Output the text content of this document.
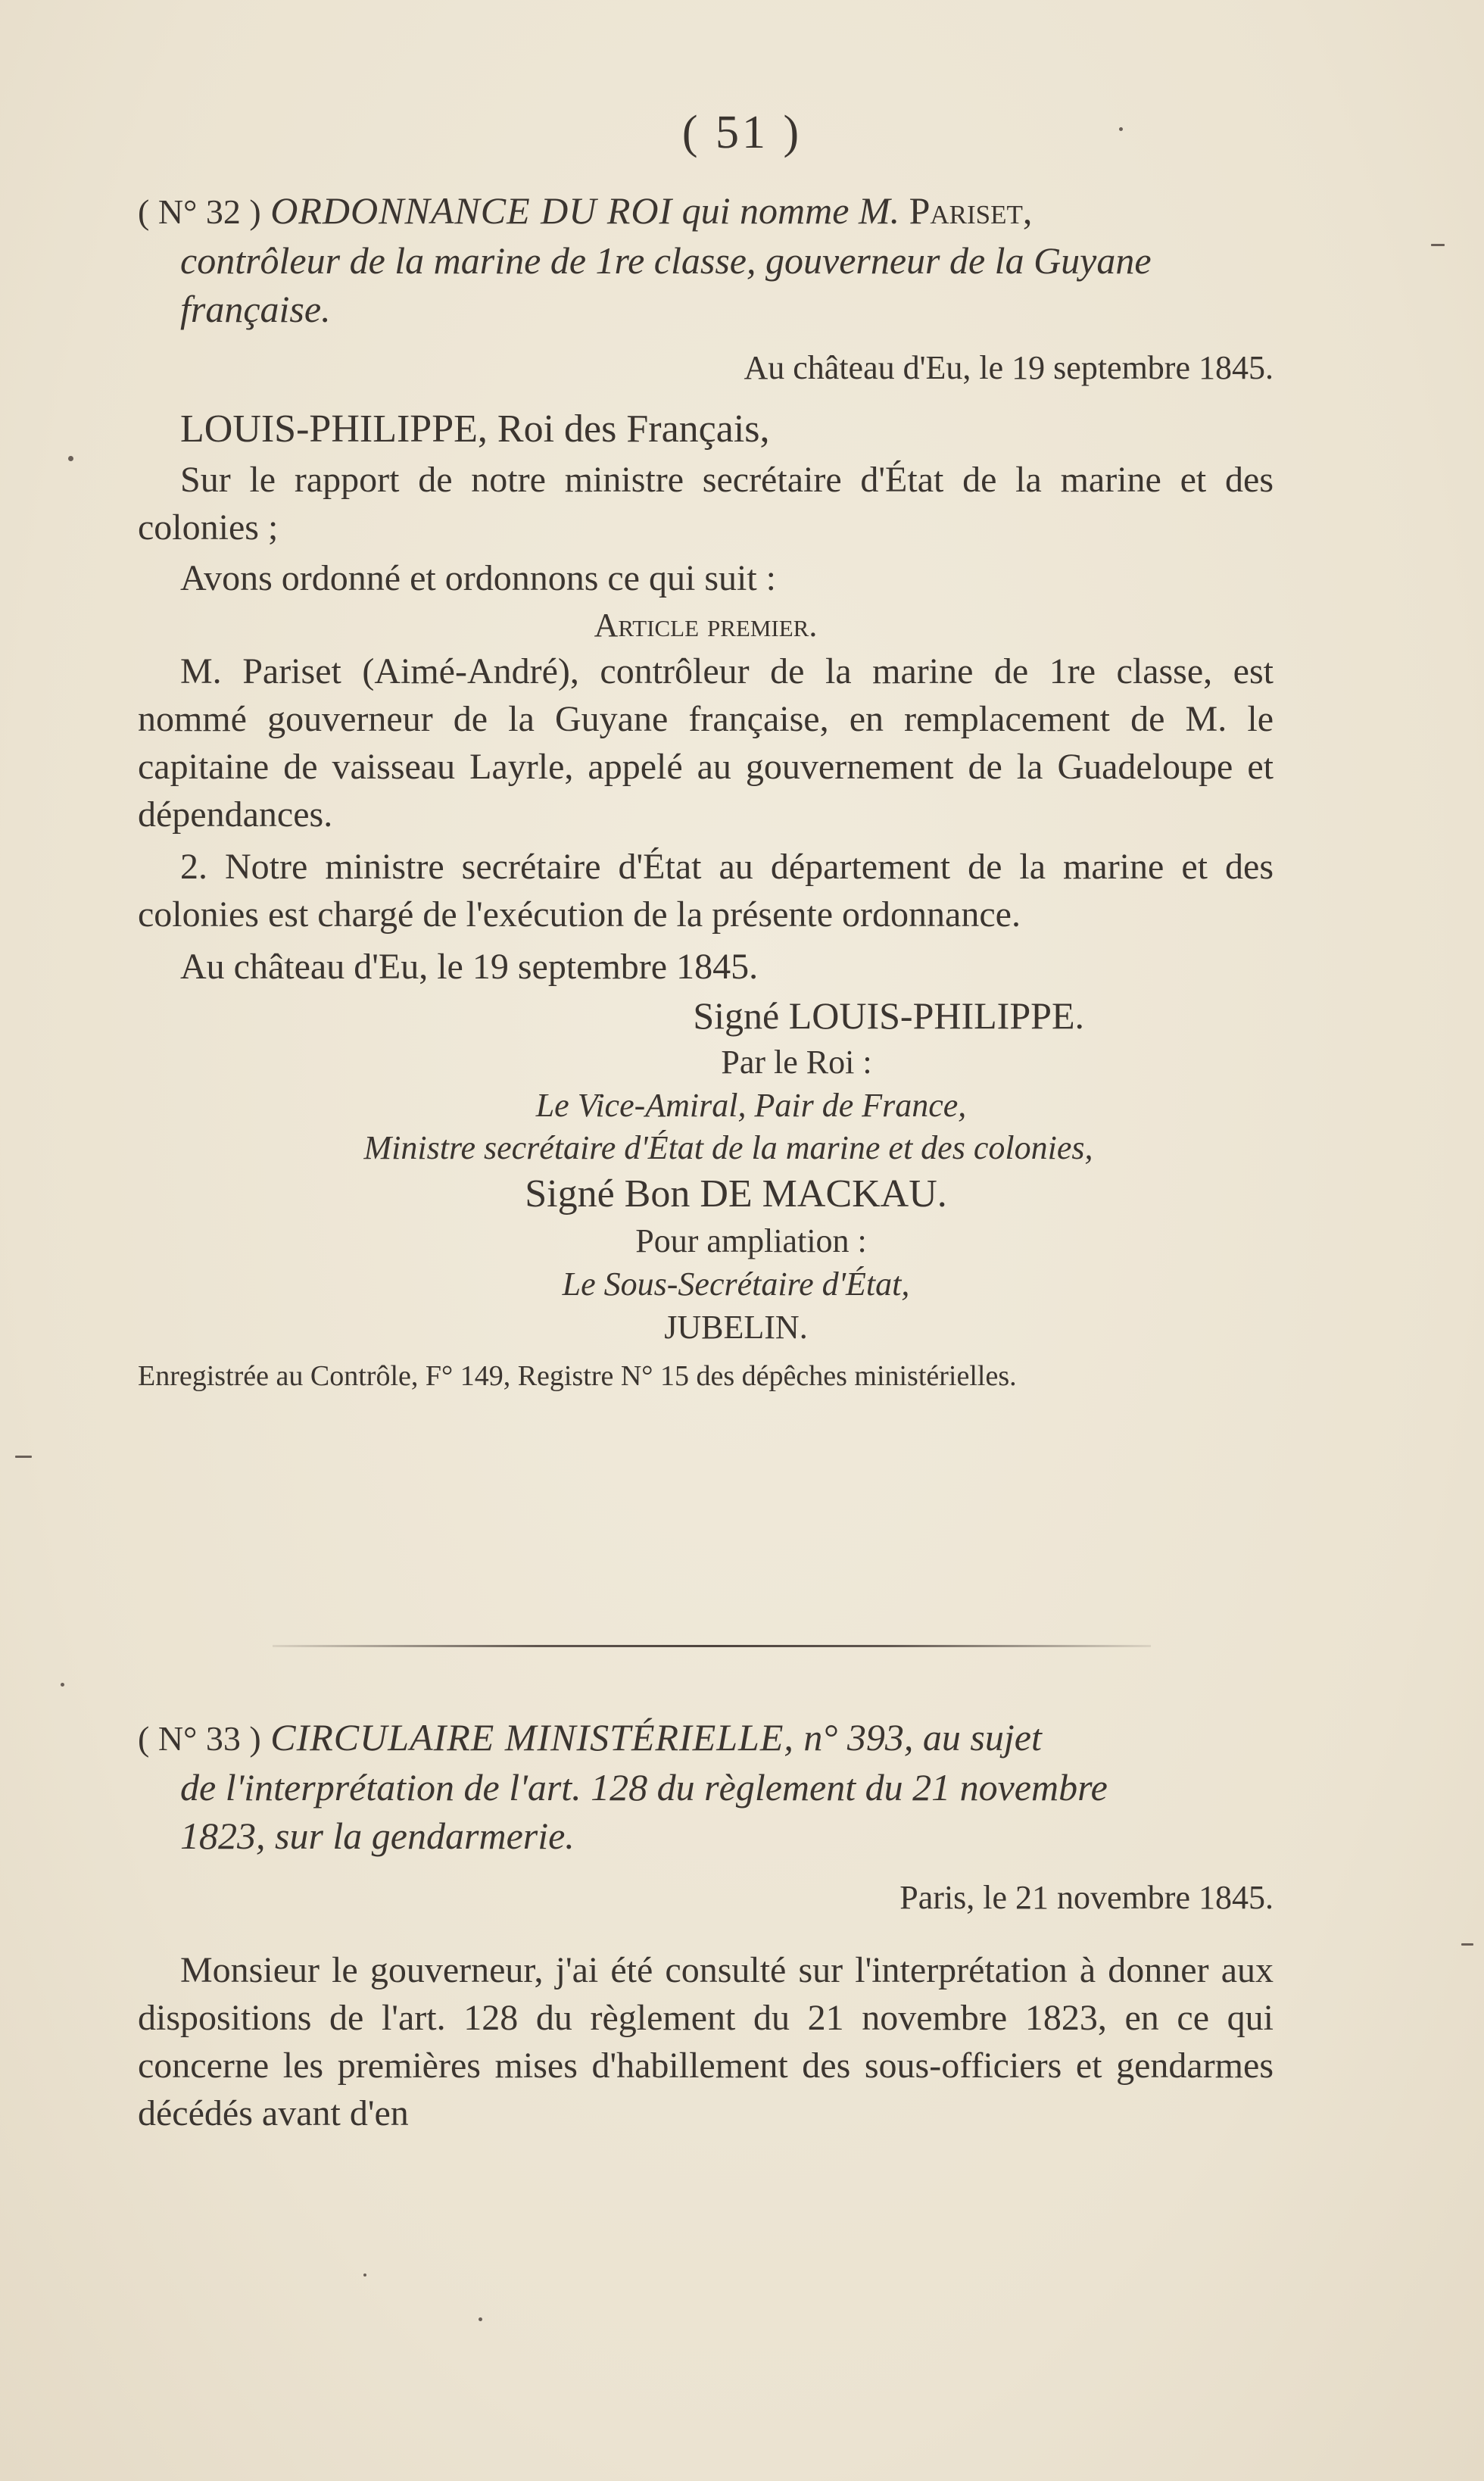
( 51 )
( N° 32 ) ORDONNANCE DU ROI qui nomme M. Pariset,
contrôleur de la marine de 1re classe, gouverneur de la Guyane
française.
Au château d'Eu, le 19 septembre 1845.
LOUIS-PHILIPPE, Roi des Français,
Sur le rapport de notre ministre secrétaire d'État de la marine et des colonies ;
Avons ordonné et ordonnons ce qui suit :
Article premier.
M. Pariset (Aimé-André), contrôleur de la marine de 1re classe, est nommé gouverneur de la Guyane française, en remplacement de M. le capitaine de vaisseau Layrle, appelé au gouvernement de la Guadeloupe et dépendances.
2. Notre ministre secrétaire d'État au département de la marine et des colonies est chargé de l'exécution de la présente ordonnance.
Au château d'Eu, le 19 septembre 1845.
Signé LOUIS-PHILIPPE.
Par le Roi :
Le Vice-Amiral, Pair de France,
Ministre secrétaire d'État de la marine et des colonies,
Signé Bon DE MACKAU.
Pour ampliation :
Le Sous-Secrétaire d'État,
JUBELIN.
Enregistrée au Contrôle, F° 149, Registre N° 15 des dépêches ministérielles.
( N° 33 ) CIRCULAIRE MINISTÉRIELLE, n° 393, au sujet
de l'interprétation de l'art. 128 du règlement du 21 novembre
1823, sur la gendarmerie.
Paris, le 21 novembre 1845.
Monsieur le gouverneur, j'ai été consulté sur l'interprétation à donner aux dispositions de l'art. 128 du règlement du 21 novembre 1823, en ce qui concerne les premières mises d'habillement des sous-officiers et gendarmes décédés avant d'en
